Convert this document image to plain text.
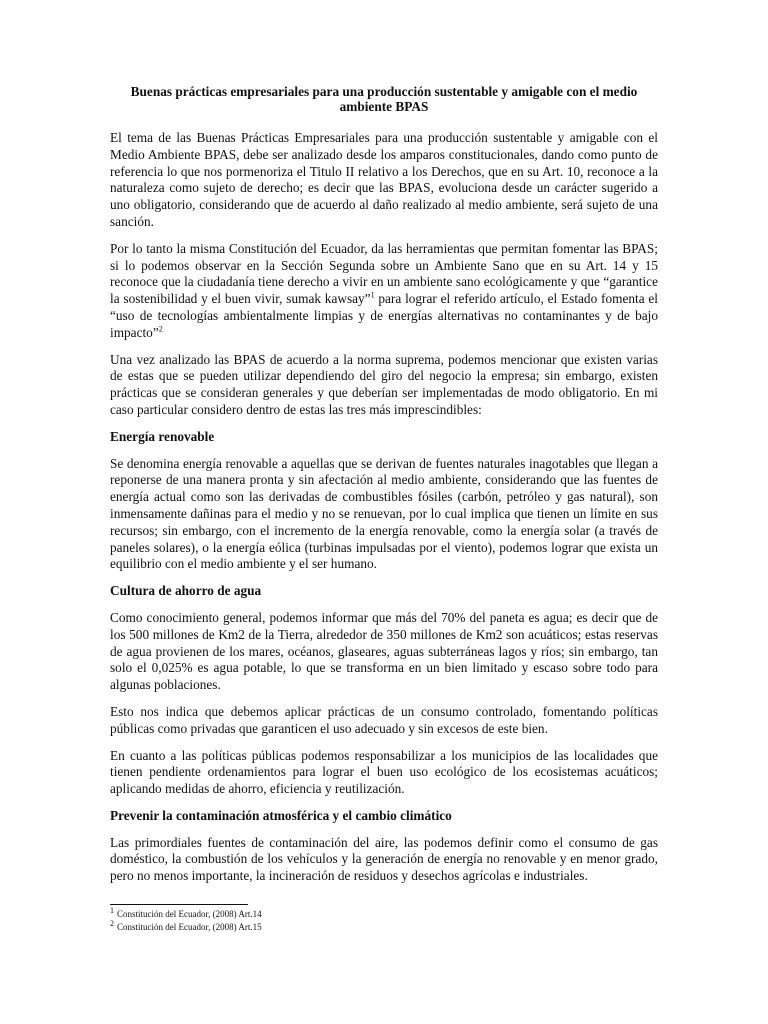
Buenas prácticas empresariales para una producción sustentable y amigable con el medio ambiente BPAS

El tema de las Buenas Prácticas Empresariales para una producción sustentable y amigable con el Medio Ambiente BPAS, debe ser analizado desde los amparos constitucionales, dando como punto de referencia lo que nos pormenoriza el Titulo II relativo a los Derechos, que en su Art. 10, reconoce a la naturaleza como sujeto de derecho; es decir que las BPAS, evoluciona desde un carácter sugerido a uno obligatorio, considerando que de acuerdo al daño realizado al medio ambiente, será sujeto de una sanción.

Por lo tanto la misma Constitución del Ecuador, da las herramientas que permitan fomentar las BPAS; si lo podemos observar en la Sección Segunda sobre un Ambiente Sano que en su Art. 14 y 15 reconoce que la ciudadanía tiene derecho a vivir en un ambiente sano ecológicamente y que “garantice la sostenibilidad y el buen vivir, sumak kawsay”$^1$ para lograr el referido artículo, el Estado fomenta el “uso de tecnologías ambientalmente limpias y de energías alternativas no contaminantes y de bajo impacto”$^2$

Una vez analizado las BPAS de acuerdo a la norma suprema, podemos mencionar que existen varias de estas que se pueden utilizar dependiendo del giro del negocio la empresa; sin embargo, existen prácticas que se consideran generales y que deberían ser implementadas de modo obligatorio. En mi caso particular considero dentro de estas las tres más imprescindibles:

Energía renovable

Se denomina energía renovable a aquellas que se derivan de fuentes naturales inagotables que llegan a reponerse de una manera pronta y sin afectación al medio ambiente, considerando que las fuentes de energía actual como son las derivadas de combustibles fósiles (carbón, petróleo y gas natural), son inmensamente dañinas para el medio y no se renuevan, por lo cual implica que tienen un límite en sus recursos; sin embargo, con el incremento de la energía renovable, como la energía solar (a través de paneles solares), o la energía eólica (turbinas impulsadas por el viento), podemos lograr que exista un equilibrio con el medio ambiente y el ser humano.

Cultura de ahorro de agua

Como conocimiento general, podemos informar que más del 70% del paneta es agua; es decir que de los 500 millones de Km2 de la Tierra, alrededor de 350 millones de Km2 son acuáticos; estas reservas de agua provienen de los mares, océanos, glaseares, aguas subterráneas lagos y ríos; sin embargo, tan solo el 0,025% es agua potable, lo que se transforma en un bien limitado y escaso sobre todo para algunas poblaciones.

Esto nos indica que debemos aplicar prácticas de un consumo controlado, fomentando políticas públicas como privadas que garanticen el uso adecuado y sin excesos de este bien.

En cuanto a las políticas públicas podemos responsabilizar a los municipios de las localidades que tienen pendiente ordenamientos para lograr el buen uso ecológico de los ecosistemas acuáticos; aplicando medidas de ahorro, eficiencia y reutilización.

Prevenir la contaminación atmosférica y el cambio climático

Las primordiales fuentes de contaminación del aire, las podemos definir como el consumo de gas doméstico, la combustión de los vehículos y la generación de energía no renovable y en menor grado, pero no menos importante, la incineración de residuos y desechos agrícolas e industriales.

$^1$ Constitución del Ecuador, (2008) Art.14
$^2$ Constitución del Ecuador, (2008) Art.15
